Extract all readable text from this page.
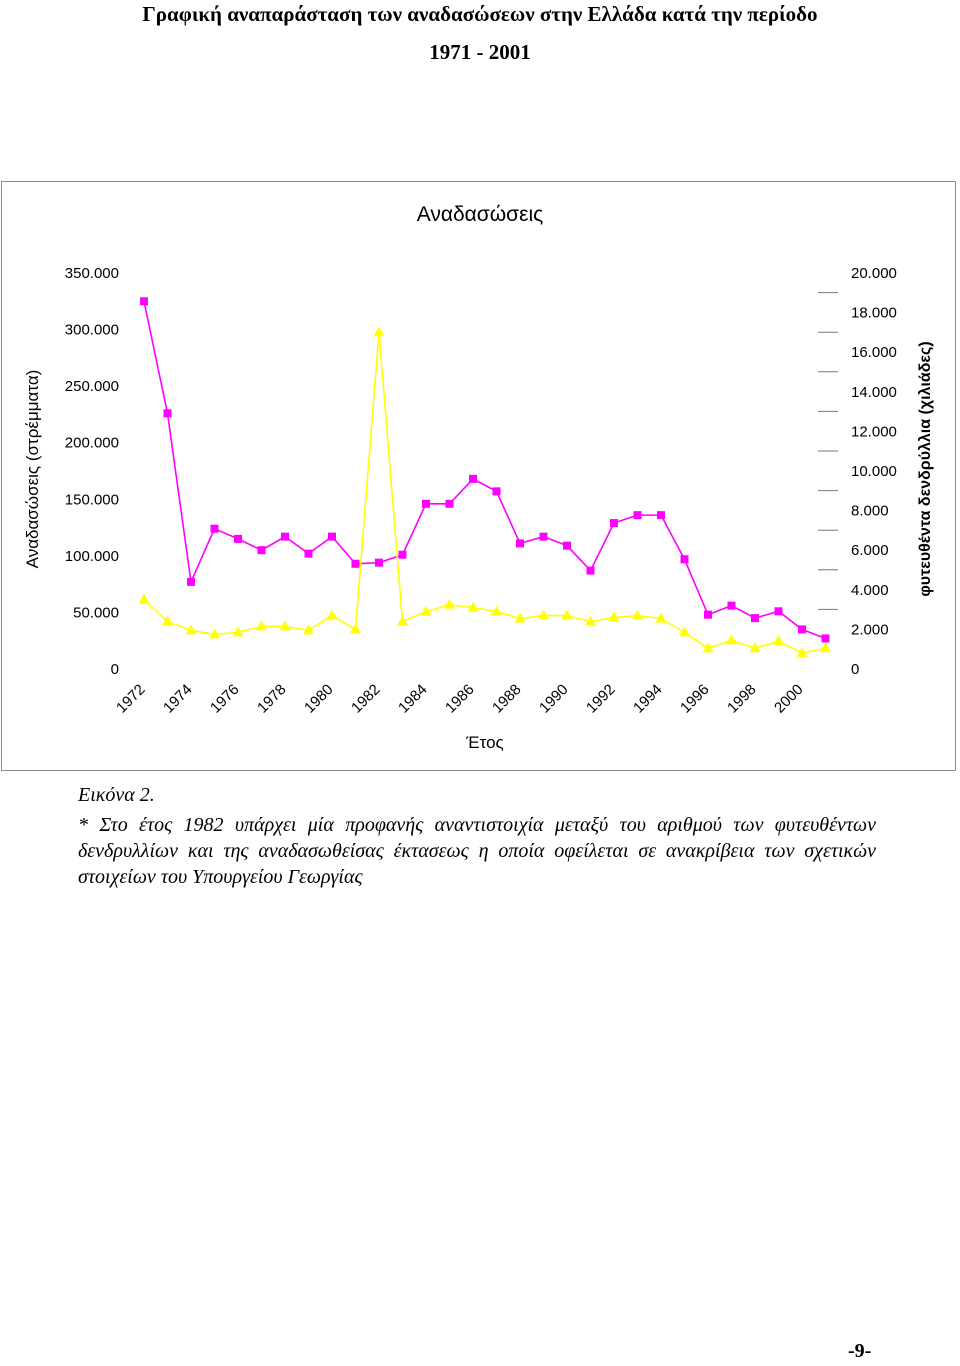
Γραφική αναπαράσταση των αναδασώσεων στην Ελλάδα κατά την περίοδο
1971 - 2001
Αναδασώσεις
0
50.000
100.000
150.000
200.000
250.000
300.000
350.000
0
2.000
4.000
6.000
8.000
10.000
12.000
14.000
16.000
18.000
20.000
1972 1974 1976 1978 1980 1982 1984 1986 1988 1990 1992 1994 1996 1998 2000
Αναδασώσεις (στρέμματα)	φυτευθέντα δενδρύλλια (χιλιάδες)
Έτος
Εικόνα 2.
* Στο έτος 1982 υπάρχει μία προφανής αναντιστοιχία μεταξύ του αριθμού των φυτευθέντων δενδρυλλίων και της αναδασωθείσας έκτασεως η οποία οφείλεται σε ανακρίβεια των σχετικών στοιχείων του Υπουργείου Γεωργίας
-9-
